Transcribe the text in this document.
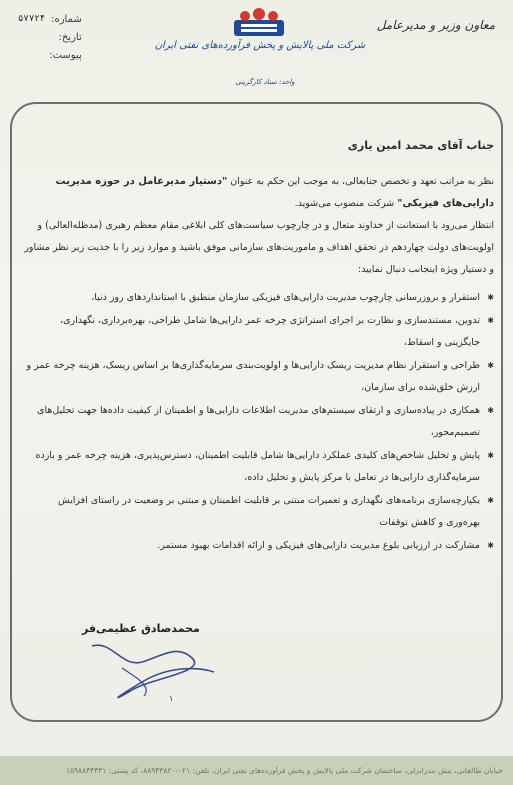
شماره:
۵۷۷۲۴
تاریخ:
پیوست:
شرکت ملی پالایش و پخش فرآورده‌های نفتی ایران
واحد: ستاد کارگزینی
معاون وزیر و مدیرعامل

جناب آقای محمد امین یاری

نظر به مراتب تعهد و تخصص جنابعالی، به موجب این حکم به عنوان "دستیار مدیرعامل در حوزه مدیریت دارایی‌های فیزیکی" شرکت منصوب می‌شوید.

انتظار می‌رود با استعانت از خداوند متعال و در چارچوب سیاست‌های کلی ابلاغی مقام معظم رهبری (مدظله‌العالی) و اولویت‌های دولت چهاردهم در تحقق اهداف و ماموریت‌های سازمانی موفق باشید و موارد زیر را با جدیت زیر نظر مشاور و دستیار ویژه اینجانب دنبال نمایید:

✱ استقرار و بروزرسانی چارچوب مدیریت دارایی‌های فیزیکی سازمان منطبق با استانداردهای روز دنیا،
✱ تدوین، مستندسازی و نظارت بر اجرای استراتژی چرخه عمر دارایی‌ها شامل طراحی، بهره‌برداری، نگهداری، جایگزینی و اسقاط،
✱ طراحی و استقرار نظام مدیریت ریسک دارایی‌ها و اولویت‌بندی سرمایه‌گذاری‌ها بر اساس ریسک، هزینه چرخه عمر و ارزش خلق‌شده برای سازمان،
✱ همکاری در پیاده‌سازی و ارتقای سیستم‌های مدیریت اطلاعات دارایی‌ها و اطمینان از کیفیت داده‌ها جهت تحلیل‌های تصمیم‌محور،
✱ پایش و تحلیل شاخص‌های کلیدی عملکرد دارایی‌ها شامل قابلیت اطمینان، دسترس‌پذیری، هزینه چرخه عمر و بازده سرمایه‌گذاری دارایی‌ها در تعامل با مرکز پایش و تحلیل داده،
✱ یکپارچه‌سازی برنامه‌های نگهداری و تعمیرات مبتنی بر قابلیت اطمینان و مبتنی بر وضعیت در راستای افزایش بهره‌وری و کاهش توقفات
✱ مشارکت در ارزیابی بلوغ مدیریت دارایی‌های فیزیکی و ارائه اقدامات بهبود مستمر.
محمدصادق عظیمی‌فر
۱
خیابان طالقانی، نبش بندرانزلی، ساختمان شرکت ملی پالایش و پخش فرآورده‌های نفتی ایران، تلفن: ۰۲۱-۸۸۹۴۳۸۲۰، کد پستی: ۱۵۹۸۸۴۴۳۳۱
